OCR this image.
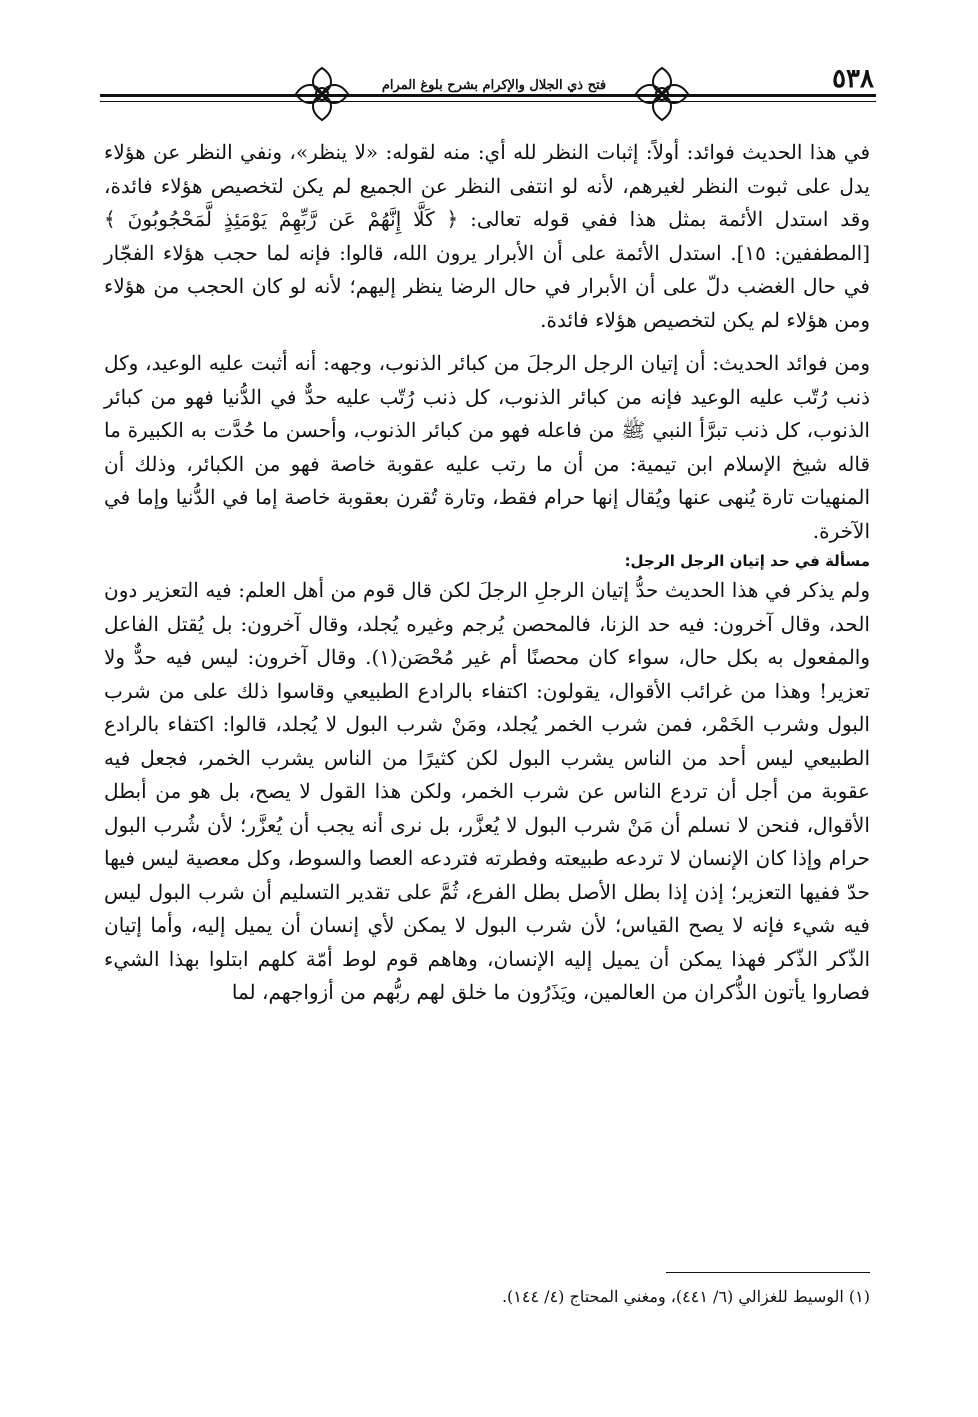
فتح ذي الجلال والإكرام بشرح بلوغ المرام	٥٣٨

في هذا الحديث فوائد: أولاً: إثبات النظر لله أي: منه لقوله: «لا ينظر»، ونفي النظر عن هؤلاء يدل على ثبوت النظر لغيرهم، لأنه لو انتفى النظر عن الجميع لم يكن لتخصيص هؤلاء فائدة، وقد استدل الأئمة بمثل هذا ففي قوله تعالى: ﴿ كَلَّا إِنَّهُمْ عَن رَّبِّهِمْ يَوْمَئِذٍ لَّمَحْجُوبُونَ ﴾ [المطففين: ١٥]. استدل الأئمة على أن الأبرار يرون الله، قالوا: فإنه لما حجب هؤلاء الفجّار في حال الغضب دلّ على أن الأبرار في حال الرضا ينظر إليهم؛ لأنه لو كان الحجب من هؤلاء ومن هؤلاء لم يكن لتخصيص هؤلاء فائدة.

ومن فوائد الحديث: أن إتيان الرجل الرجلَ من كبائر الذنوب، وجهه: أنه أثبت عليه الوعيد، وكل ذنب رُتّب عليه الوعيد فإنه من كبائر الذنوب، كل ذنب رُتّب عليه حدٌّ في الدُّنيا فهو من كبائر الذنوب، كل ذنب تبرَّأ النبي ﷺ من فاعله فهو من كبائر الذنوب، وأحسن ما حُدَّت به الكبيرة ما قاله شيخ الإسلام ابن تيمية: من أن ما رتب عليه عقوبة خاصة فهو من الكبائر، وذلك أن المنهيات تارة يُنهى عنها ويُقال إنها حرام فقط، وتارة تُقرن بعقوبة خاصة إما في الدُّنيا وإما في الآخرة.

مسألة في حد إتيان الرجل الرجل:

ولم يذكر في هذا الحديث حدُّ إتيان الرجلِ الرجلَ لكن قال قوم من أهل العلم: فيه التعزير دون الحد، وقال آخرون: فيه حد الزنا، فالمحصن يُرجم وغيره يُجلد، وقال آخرون: بل يُقتل الفاعل والمفعول به بكل حال، سواء كان محصنًا أم غير مُحْصَن(١). وقال آخرون: ليس فيه حدٌّ ولا تعزير! وهذا من غرائب الأقوال، يقولون: اكتفاء بالرادع الطبيعي وقاسوا ذلك على من شرب البول وشرب الخَمْر، فمن شرب الخمر يُجلد، ومَنْ شرب البول لا يُجلد، قالوا: اكتفاء بالرادع الطبيعي ليس أحد من الناس يشرب البول لكن كثيرًا من الناس يشرب الخمر، فجعل فيه عقوبة من أجل أن تردع الناس عن شرب الخمر، ولكن هذا القول لا يصح، بل هو من أبطل الأقوال، فنحن لا نسلم أن مَنْ شرب البول لا يُعزَّر، بل نرى أنه يجب أن يُعزَّر؛ لأن شُرب البول حرام وإذا كان الإنسان لا تردعه طبيعته وفطرته فتردعه العصا والسوط، وكل معصية ليس فيها حدّ ففيها التعزير؛ إذن إذا بطل الأصل بطل الفرع، ثُمَّ على تقدير التسليم أن شرب البول ليس فيه شيء فإنه لا يصح القياس؛ لأن شرب البول لا يمكن لأي إنسان أن يميل إليه، وأما إتيان الذّكر الذّكر فهذا يمكن أن يميل إليه الإنسان، وهاهم قوم لوط أمّة كلهم ابتلوا بهذا الشيء فصاروا يأتون الذُّكران من العالمين، ويَذَرُون ما خلق لهم ربُّهم من أزواجهم، لما

(١) الوسيط للغزالي (٦/ ٤٤١)، ومغني المحتاج (٤/ ١٤٤).
